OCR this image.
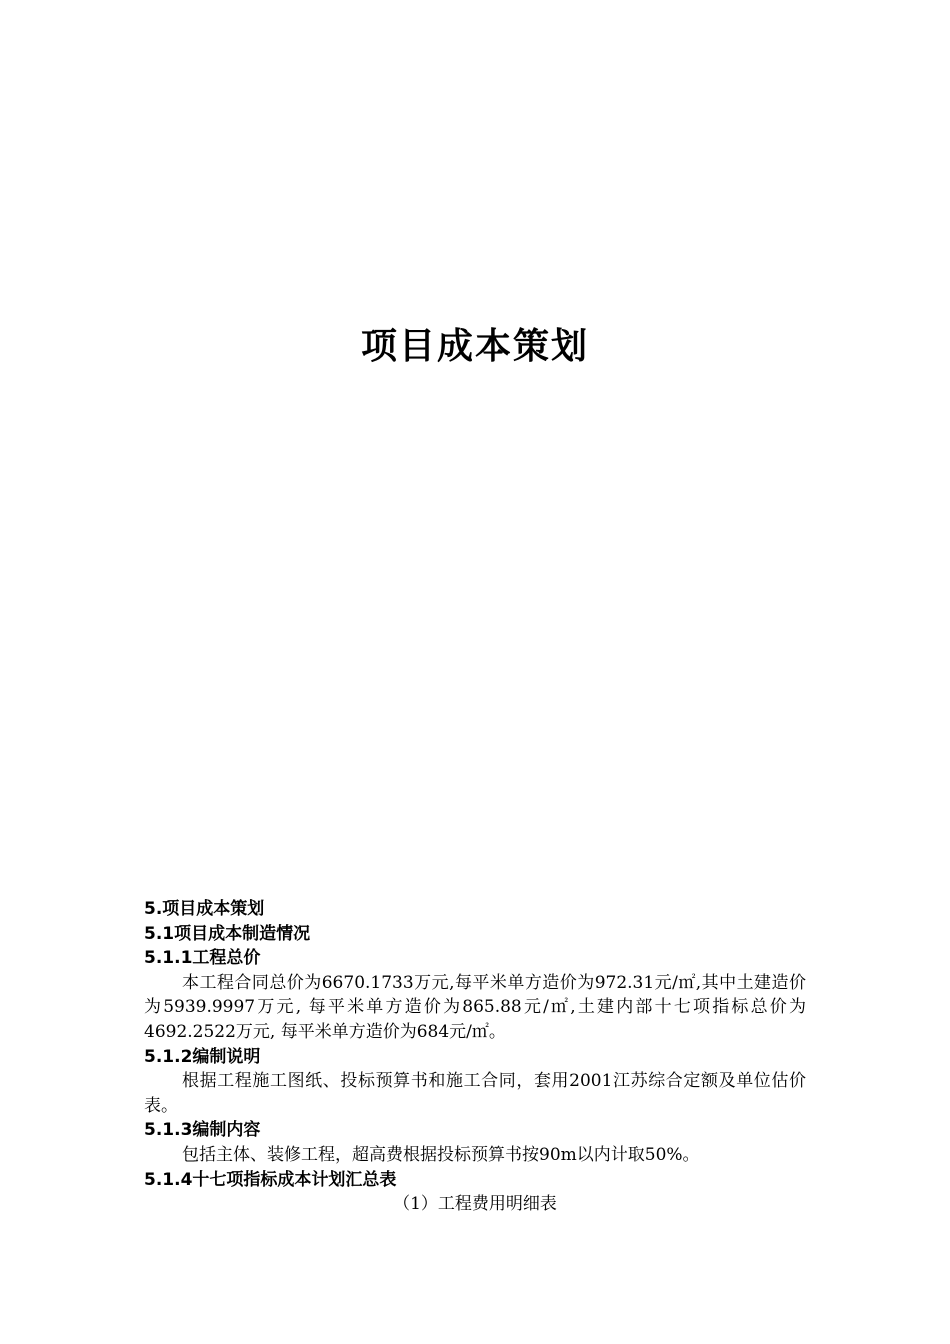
项目成本策划

5.项目成本策划

5.1项目成本制造情况

5.1.1工程总价

本工程合同总价为6670.1733万元,每平米单方造价为972.31元/㎡,其中土建造价为5939.9997万元, 每平米单方造价为865.88元/㎡,土建内部十七项指标总价为4692.2522万元, 每平米单方造价为684元/㎡。

5.1.2编制说明

根据工程施工图纸、投标预算书和施工合同，套用2001江苏综合定额及单位估价表。

5.1.3编制内容

包括主体、装修工程，超高费根据投标预算书按90m以内计取50%。

5.1.4十七项指标成本计划汇总表

（1）工程费用明细表
